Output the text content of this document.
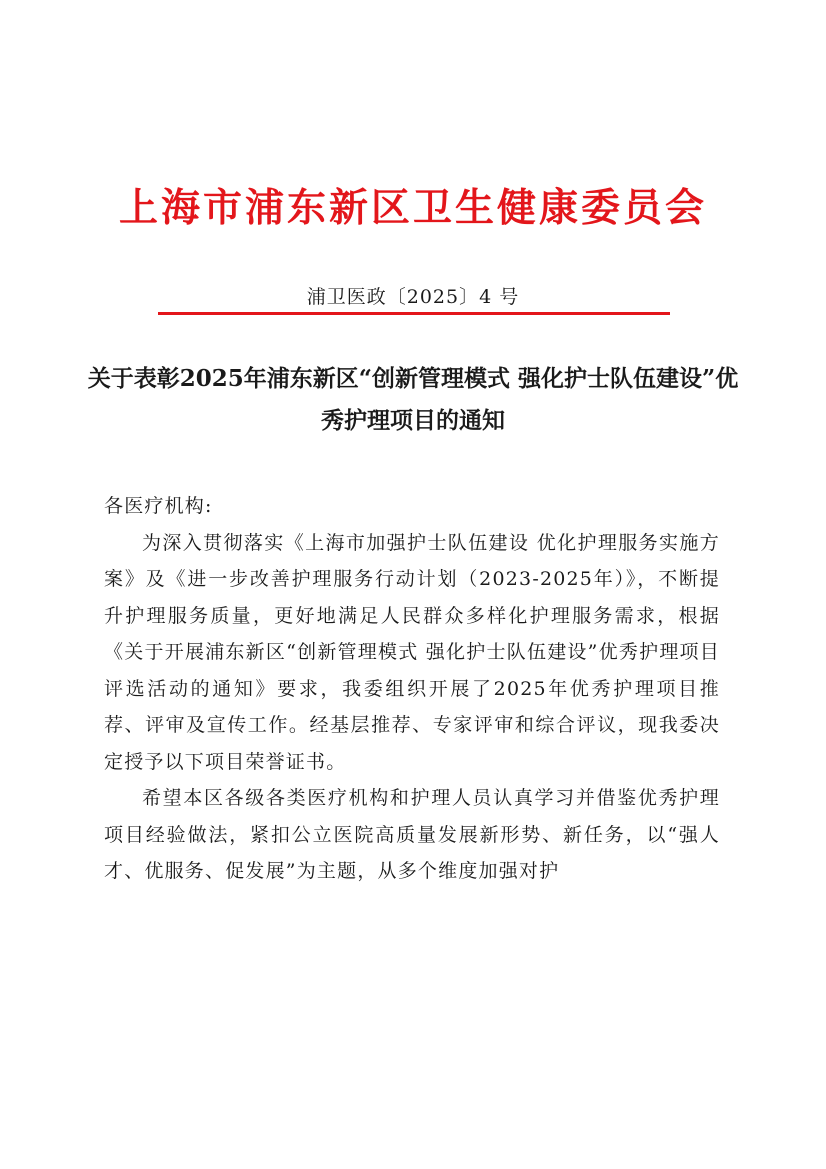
上海市浦东新区卫生健康委员会
浦卫医政〔2025〕4 号
关于表彰2025年浦东新区“创新管理模式 强化护士队伍建设”优秀护理项目的通知

各医疗机构:

为深入贯彻落实《上海市加强护士队伍建设 优化护理服务实施方案》及《进一步改善护理服务行动计划（2023-2025年）》，不断提升护理服务质量，更好地满足人民群众多样化护理服务需求，根据《关于开展浦东新区“创新管理模式 强化护士队伍建设”优秀护理项目评选活动的通知》要求，我委组织开展了2025年优秀护理项目推荐、评审及宣传工作。经基层推荐、专家评审和综合评议，现我委决定授予以下项目荣誉证书。

希望本区各级各类医疗机构和护理人员认真学习并借鉴优秀护理项目经验做法，紧扣公立医院高质量发展新形势、新任务，以“强人才、优服务、促发展”为主题，从多个维度加强对护
